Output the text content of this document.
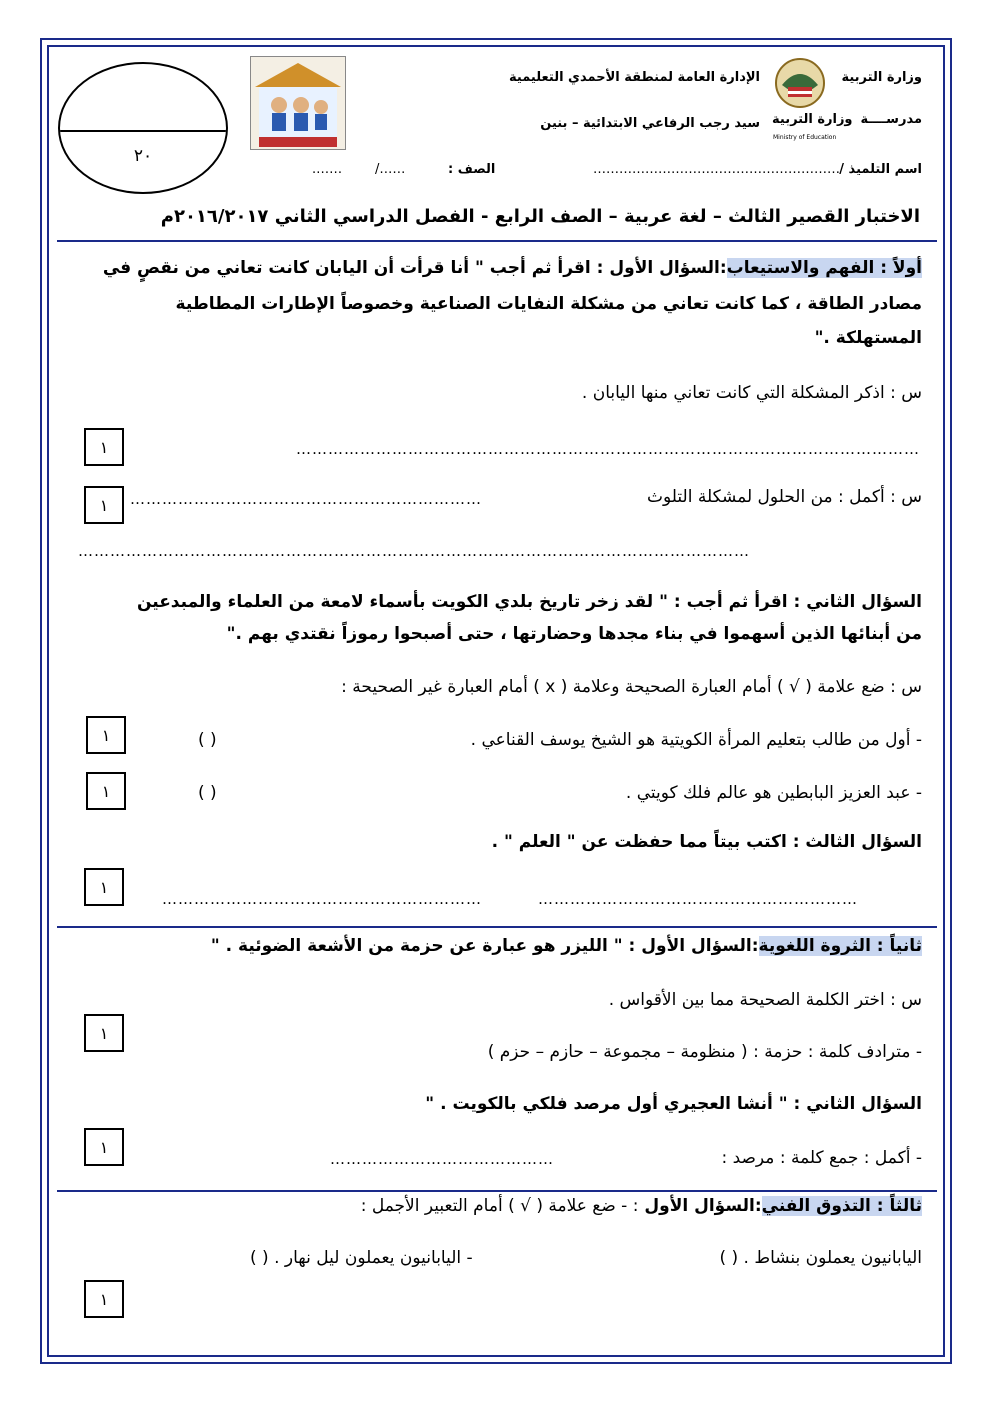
وزارة التربية
مدرســــة
اسم التلميذ /
…………………………………………………
وزارة التربية
Ministry of Education
الإدارة العامة لمنطقة الأحمدي التعليمية
سيد رجب الرفاعي الابتدائية – بنين
الصف :
……/
…….
٢٠
الاختبار القصير الثالث – لغة عربية – الصف الرابع - الفصل الدراسي الثاني ٢٠١٦/٢٠١٧م
أولاً : الفهم والاستيعاب:السؤال الأول : اقرأ ثم أجب " أنا قرأت أن اليابان كانت تعاني من نقصٍ في
مصادر الطاقة ، كما كانت تعاني من مشكلة النفايات الصناعية وخصوصاً الإطارات المطاطية
المستهلكة ."
س : اذكر المشكلة التي كانت تعاني منها اليابان .
………………………………………………………………………………………………………
١
س : أكمل : من الحلول لمشكلة التلوث
…………………………………………………………
١
………………………………………………………………………………………………………………
السؤال الثاني : اقرأ ثم أجب : " لقد زخر تاريخ بلدي الكويت بأسماء لامعة من العلماء والمبدعين
من أبنائها الذين أسهموا في بناء مجدها وحضارتها ، حتى أصبحوا رموزاً نقتدي بهم ."
س : ضع علامة ( √ ) أمام العبارة الصحيحة وعلامة ( x ) أمام العبارة غير الصحيحة :
- أول من طالب بتعليم المرأة الكويتية هو الشيخ يوسف القناعي .
( )
١
- عبد العزيز البابطين هو عالم فلك كويتي .
( )
١
السؤال الثالث : اكتب بيتاً مما حفظت عن " العلم " .
……………………………………………………
……………………………………………………
١
ثانياً : الثروة اللغوية:السؤال الأول : " الليزر هو عبارة عن حزمة من الأشعة الضوئية . "
س : اختر الكلمة الصحيحة مما بين الأقواس .
١
- مترادف كلمة : حزمة : ( منظومة – مجموعة – حازم – حزم )
السؤال الثاني : " أنشا العجيري أول مرصد فلكي بالكويت . "
- أكمل : جمع كلمة : مرصد :
……………………………………
١
ثالثاً : التذوق الفني:السؤال الأول : - ضع علامة ( √ ) أمام التعبير الأجمل :
اليابانيون يعملون بنشاط . ( )
- اليابانيون يعملون ليل نهار . ( )
١
